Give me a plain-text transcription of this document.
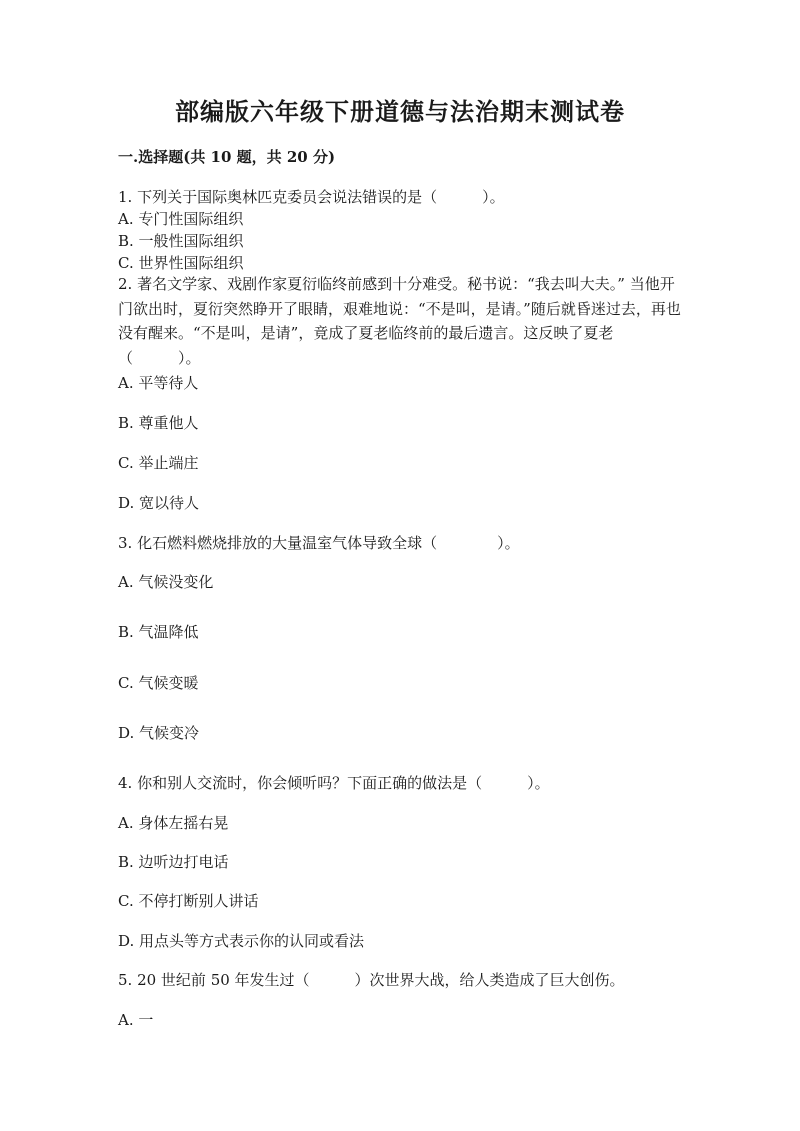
部编版六年级下册道德与法治期末测试卷
一.选择题(共 10 题，共 20 分)
1. 下列关于国际奥林匹克委员会说法错误的是（　　　）。
A. 专门性国际组织
B. 一般性国际组织
C. 世界性国际组织
2. 著名文学家、戏剧作家夏衍临终前感到十分难受。秘书说：“我去叫大夫。” 当他开门欲出时，夏衍突然睁开了眼睛，艰难地说：“不是叫，是请。”随后就昏迷过去，再也没有醒来。“不是叫，是请”，竟成了夏老临终前的最后遗言。这反映了夏老（　　　）。
A. 平等待人
B. 尊重他人
C. 举止端庄
D. 宽以待人
3. 化石燃料燃烧排放的大量温室气体导致全球（　　　　）。
A. 气候没变化
B. 气温降低
C. 气候变暖
D. 气候变冷
4. 你和别人交流时，你会倾听吗？下面正确的做法是（　　　）。
A. 身体左摇右晃
B. 边听边打电话
C. 不停打断别人讲话
D. 用点头等方式表示你的认同或看法
5. 20 世纪前 50 年发生过（　　　）次世界大战，给人类造成了巨大创伤。
A. 一
